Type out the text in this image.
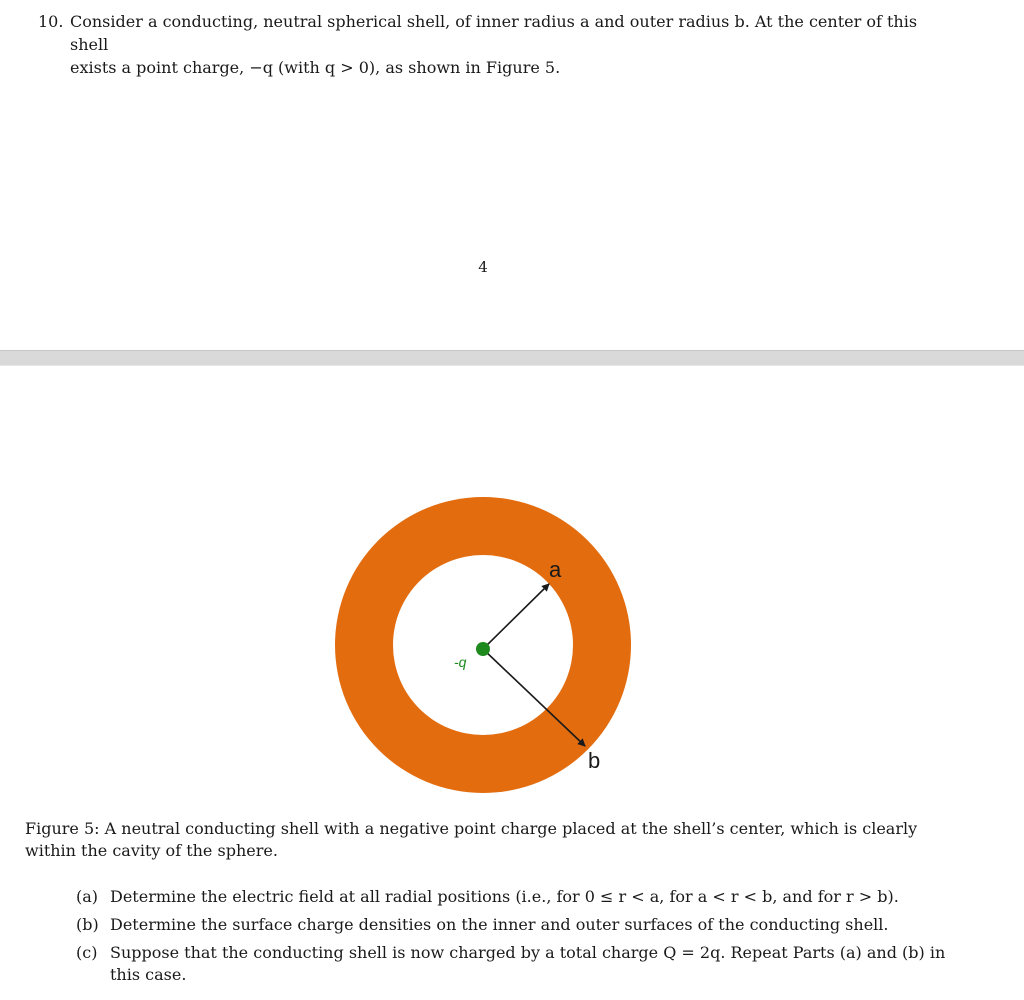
10. Consider a conducting, neutral spherical shell, of inner radius a and outer radius b. At the center of this shell

exists a point charge, −q (with q > 0), as shown in Figure 5.

4
a
b
-q
Figure 5: A neutral conducting shell with a negative point charge placed at the shell’s center, which is clearly within the cavity of the sphere.
(a) Determine the electric field at all radial positions (i.e., for 0 ≤ r < a, for a < r < b, and for r > b).
(b) Determine the surface charge densities on the inner and outer surfaces of the conducting shell.
(c) Suppose that the conducting shell is now charged by a total charge Q = 2q. Repeat Parts (a) and (b) in this case.
